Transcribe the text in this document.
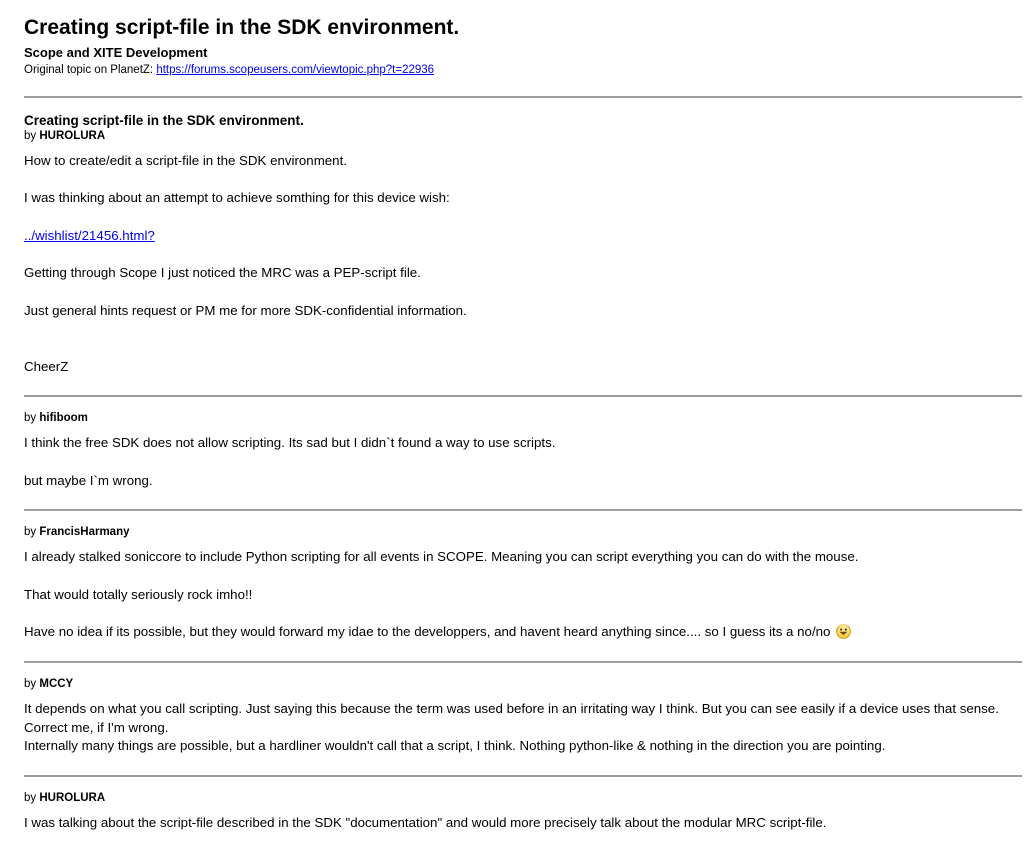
Creating script-file in the SDK environment.
Scope and XITE Development
Original topic on PlanetZ: https://forums.scopeusers.com/viewtopic.php?t=22936
Creating script-file in the SDK environment.
by HUROLURA

How to create/edit a script-file in the SDK environment.

I was thinking about an attempt to achieve somthing for this device wish:

../wishlist/21456.html?

Getting through Scope I just noticed the MRC was a PEP-script file.

Just general hints request or PM me for more SDK-confidential information.

CheerZ

by hifiboom

I think the free SDK does not allow scripting. Its sad but I didn`t found a way to use scripts.

but maybe I`m wrong.

by FrancisHarmany

I already stalked soniccore to include Python scripting for all events in SCOPE. Meaning you can script everything you can do with the mouse.

That would totally seriously rock imho!!

Have no idea if its possible, but they would forward my idae to the developpers, and havent heard anything since.... so I guess its a no/no

by MCCY

It depends on what you call scripting. Just saying this because the term was used before in an irritating way I think. But you can see easily if a device uses that sense. Correct me, if I'm wrong.
Internally many things are possible, but a hardliner wouldn't call that a script, I think. Nothing python-like & nothing in the direction you are pointing.

by HUROLURA

I was talking about the script-file described in the SDK "documentation" and would more precisely talk about the modular MRC script-file.
